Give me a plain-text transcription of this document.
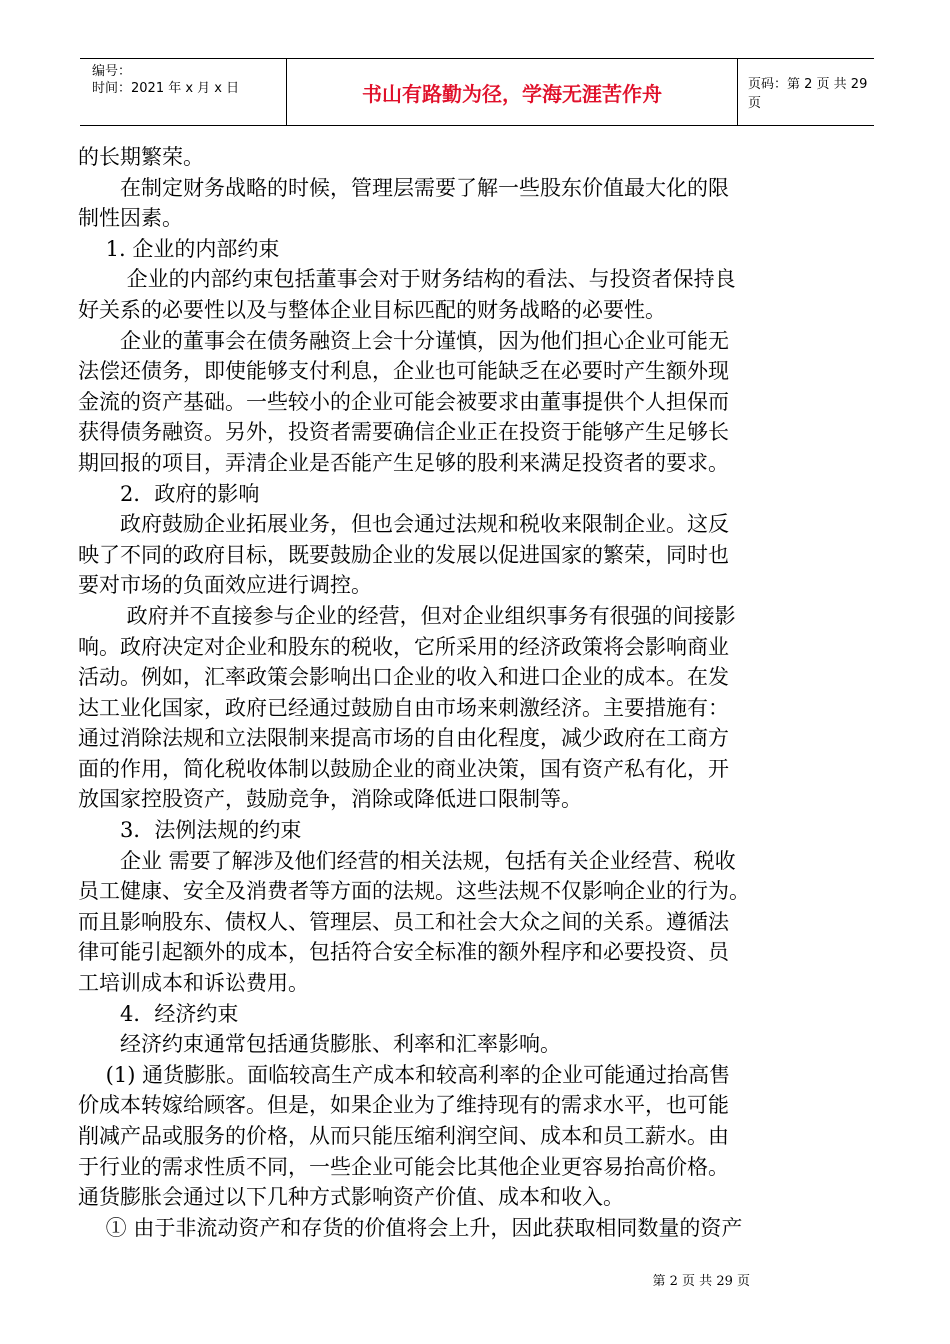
编号：
时间：2021 年 x 月 x 日	书山有路勤为径，学海无涯苦作舟	页码：第 2 页 共 29 页
的长期繁荣。
　　在制定财务战略的时候，管理层需要了解一些股东价值最大化的限
制性因素。
　 1. 企业的内部约束
　　 企业的内部约束包括董事会对于财务结构的看法、与投资者保持良
好关系的必要性以及与整体企业目标匹配的财务战略的必要性。
　　企业的董事会在债务融资上会十分谨慎，因为他们担心企业可能无
法偿还债务，即使能够支付利息，企业也可能缺乏在必要时产生额外现
金流的资产基础。一些较小的企业可能会被要求由董事提供个人担保而
获得债务融资。另外，投资者需要确信企业正在投资于能够产生足够长
期回报的项目，弄清企业是否能产生足够的股利来满足投资者的要求。
　　2．政府的影响
　　政府鼓励企业拓展业务，但也会通过法规和税收来限制企业。这反
映了不同的政府目标，既要鼓励企业的发展以促进国家的繁荣，同时也
要对市场的负面效应进行调控。
　　 政府并不直接参与企业的经营，但对企业组织事务有很强的间接影
响。政府决定对企业和股东的税收，它所采用的经济政策将会影响商业
活动。例如，汇率政策会影响出口企业的收入和进口企业的成本。在发
达工业化国家，政府已经通过鼓励自由市场来刺激经济。主要措施有：
通过消除法规和立法限制来提高市场的自由化程度，减少政府在工商方
面的作用，简化税收体制以鼓励企业的商业决策，国有资产私有化，开
放国家控股资产，鼓励竞争，消除或降低进口限制等。
　　3．法例法规的约束
　　企业 需要了解涉及他们经营的相关法规，包括有关企业经营、税收
员工健康、安全及消费者等方面的法规。这些法规不仅影响企业的行为。
而且影响股东、债权人、管理层、员工和社会大众之间的关系。遵循法
律可能引起额外的成本，包括符合安全标准的额外程序和必要投资、员
工培训成本和诉讼费用。
　　4．经济约束
　　经济约束通常包括通货膨胀、利率和汇率影响。
　 (1) 通货膨胀。面临较高生产成本和较高利率的企业可能通过抬高售
价成本转嫁给顾客。但是，如果企业为了维持现有的需求水平，也可能
削减产品或服务的价格，从而只能压缩利润空间、成本和员工薪水。由
于行业的需求性质不同，一些企业可能会比其他企业更容易抬高价格。
通货膨胀会通过以下几种方式影响资产价值、成本和收入。
　 ① 由于非流动资产和存货的价值将会上升，因此获取相同数量的资产
第 2 页 共 29 页
